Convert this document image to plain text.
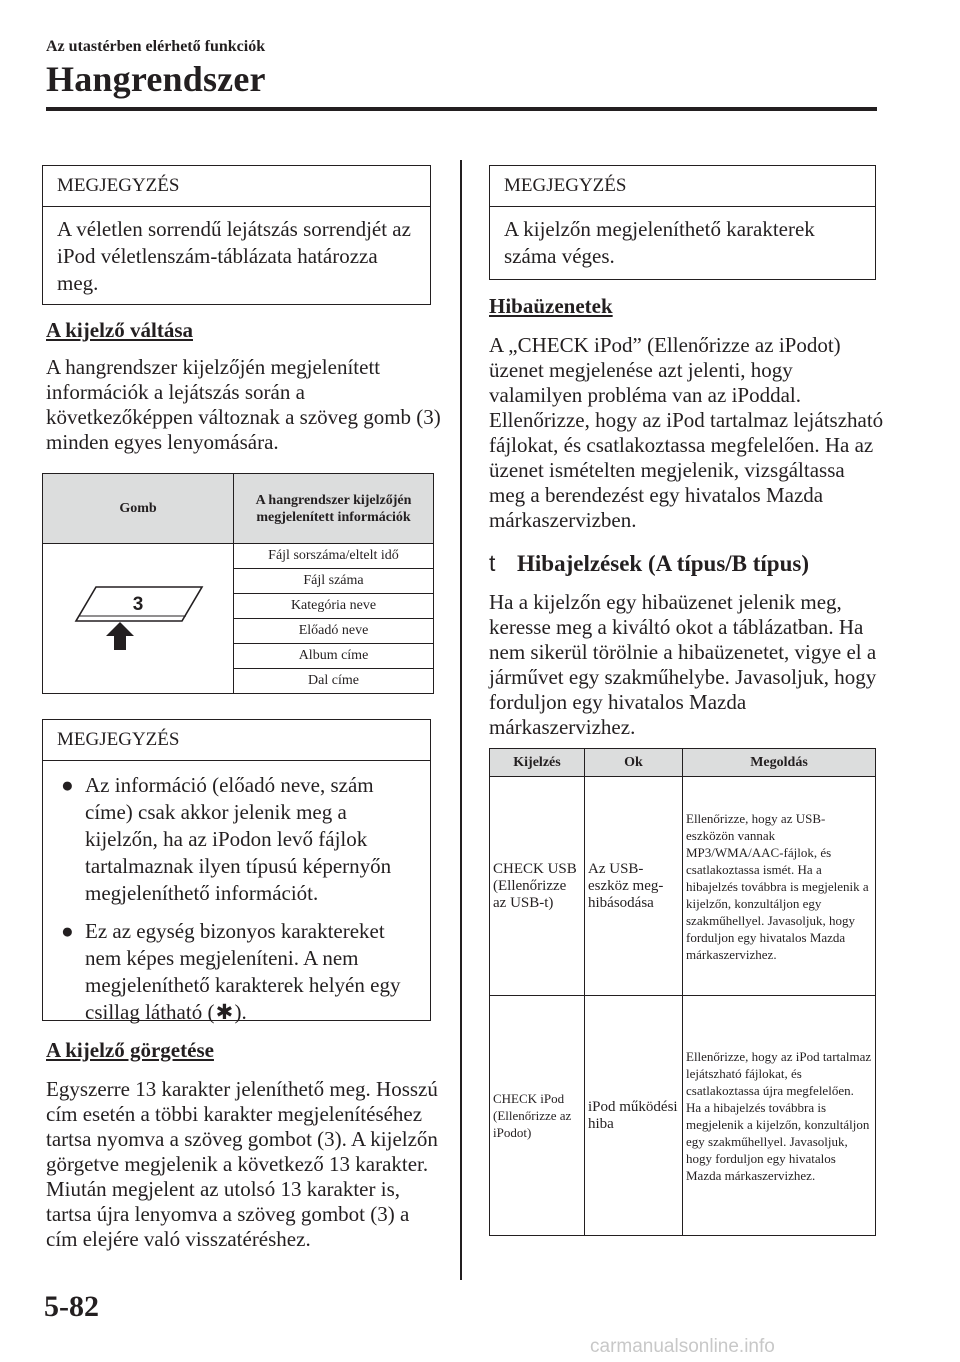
Az utastérben elérhető funkciók
Hangrendszer
MEGJEGYZÉS
A véletlen sorrendű lejátszás sorrendjét az iPod véletlenszám-táblázata határozza meg.
A kijelző váltása
A hangrendszer kijelzőjén megjelenített információk a lejátszás során a következőképpen változnak a szöveg gomb (3) minden egyes lenyomására.
Gomb	A hangrendszer kijelzőjén megjelenített információk

3	Fájl sorszáma/eltelt idő
	Fájl száma
	Kategória neve
	Előadó neve
	Album címe
	Dal címe
MEGJEGYZÉS
● Az információ (előadó neve, szám címe) csak akkor jelenik meg a kijelzőn, ha az iPodon levő fájlok tartalmaznak ilyen típusú képernyőn megjeleníthető információt.
● Ez az egység bizonyos karaktereket nem képes megjeleníteni. A nem megjeleníthető karakterek helyén egy csillag látható (✱).
A kijelző görgetése
Egyszerre 13 karakter jeleníthető meg. Hosszú cím esetén a többi karakter megjelenítéséhez tartsa nyomva a szöveg gombot (3). A kijelzőn görgetve megjelenik a következő 13 karakter. Miután megjelent az utolsó 13 karakter is, tartsa újra lenyomva a szöveg gombot (3) a cím elejére való visszatéréshez.
MEGJEGYZÉS
A kijelzőn megjeleníthető karakterek száma véges.
Hibaüzenetek
A „CHECK iPod” (Ellenőrizze az iPodot) üzenet megjelenése azt jelenti, hogy valamilyen probléma van az iPoddal. Ellenőrizze, hogy az iPod tartalmaz lejátszható fájlokat, és csatlakoztassa megfelelően. Ha az üzenet ismételten megjelenik, vizsgáltassa meg a berendezést egy hivatalos Mazda márkaszervizben.
t Hibajelzések (A típus/B típus)
Ha a kijelzőn egy hibaüzenet jelenik meg, keresse meg a kiváltó okot a táblázatban. Ha nem sikerül törölnie a hibaüzenetet, vigye el a járművet egy szakműhelybe. Javasoljuk, hogy forduljon egy hivatalos Mazda márkaszervizhez.
Kijelzés	Ok	Megoldás
CHECK USB (Ellenőrizze az USB-t)	Az USB-eszköz meg-hibásodása	Ellenőrizze, hogy az USB-eszközön vannak MP3/WMA/AAC-fájlok, és csatlakoztassa ismét. Ha a hibajelzés továbbra is megjelenik a kijelzőn, konzultáljon egy szakműhellyel. Javasoljuk, hogy forduljon egy hivatalos Mazda márkaszervizhez.
CHECK iPod (Ellenőrizze az iPodot)	iPod működési hiba	Ellenőrizze, hogy az iPod tartalmaz lejátszható fájlokat, és csatlakoztassa újra megfelelően. Ha a hibajelzés továbbra is megjelenik a kijelzőn, konzultáljon egy szakműhellyel. Javasoljuk, hogy forduljon egy hivatalos Mazda márkaszervizhez.
5-82
carmanualsonline.info
